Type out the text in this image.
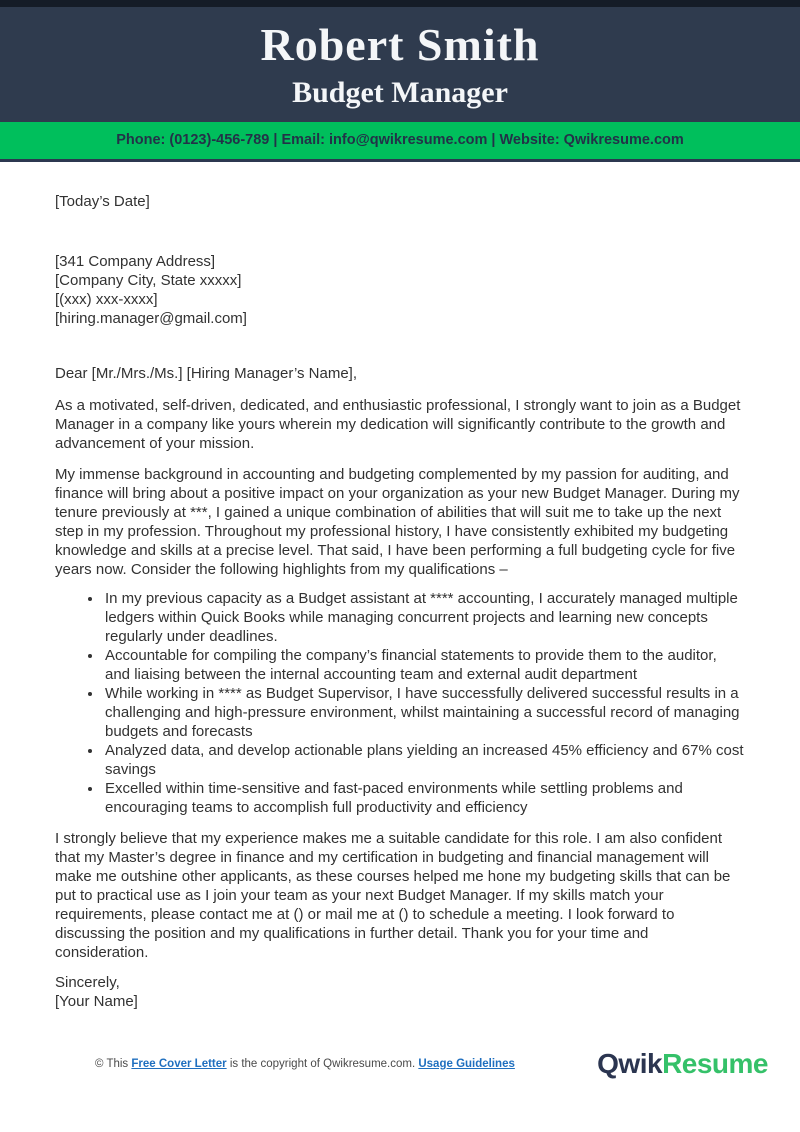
Robert Smith
Budget Manager
Phone: (0123)-456-789 | Email: info@qwikresume.com | Website: Qwikresume.com
[Today’s Date]
[341 Company Address]
[Company City, State xxxxx]
[(xxx) xxx-xxxx]
[hiring.manager@gmail.com]
Dear [Mr./Mrs./Ms.] [Hiring Manager’s Name],

As a motivated, self-driven, dedicated, and enthusiastic professional, I strongly want to join as a Budget Manager in a company like yours wherein my dedication will significantly contribute to the growth and advancement of your mission.

My immense background in accounting and budgeting complemented by my passion for auditing, and finance will bring about a positive impact on your organization as your new Budget Manager. During my tenure previously at ***, I gained a unique combination of abilities that will suit me to take up the next step in my profession. Throughout my professional history, I have consistently exhibited my budgeting knowledge and skills at a precise level. That said, I have been performing a full budgeting cycle for five years now. Consider the following highlights from my qualifications –

• In my previous capacity as a Budget assistant at **** accounting, I accurately managed multiple ledgers within Quick Books while managing concurrent projects and learning new concepts regularly under deadlines.
• Accountable for compiling the company’s financial statements to provide them to the auditor, and liaising between the internal accounting team and external audit department
• While working in **** as Budget Supervisor, I have successfully delivered successful results in a challenging and high-pressure environment, whilst maintaining a successful record of managing budgets and forecasts
• Analyzed data, and develop actionable plans yielding an increased 45% efficiency and 67% cost savings
• Excelled within time-sensitive and fast-paced environments while settling problems and encouraging teams to accomplish full productivity and efficiency

I strongly believe that my experience makes me a suitable candidate for this role. I am also confident that my Master’s degree in finance and my certification in budgeting and financial management will make me outshine other applicants, as these courses helped me hone my budgeting skills that can be put to practical use as I join your team as your next Budget Manager. If my skills match your requirements, please contact me at () or mail me at () to schedule a meeting. I look forward to discussing the position and my qualifications in further detail. Thank you for your time and consideration.

Sincerely,
[Your Name]
© This Free Cover Letter is the copyright of Qwikresume.com. Usage Guidelines	QwikResume
